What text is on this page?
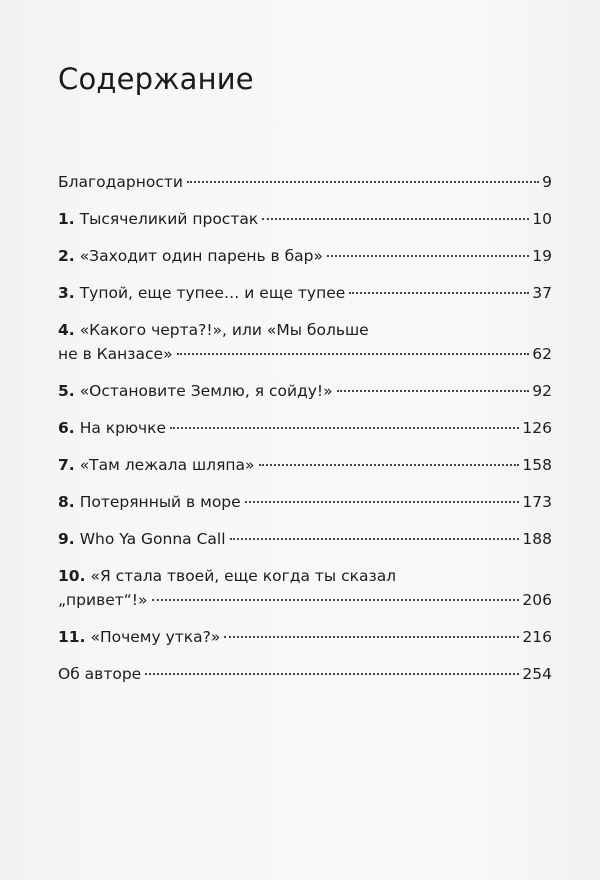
Содержание
Благодарности	9
1. Тысячеликий простак	10
2. «Заходит один парень в бар»	19
3. Тупой, еще тупее… и еще тупее	37
4. «Какого черта?!», или «Мы больше
не в Канзасе»	62
5. «Остановите Землю, я сойду!»	92
6. На крючке	126
7. «Там лежала шляпа»	158
8. Потерянный в море	173
9. Who Ya Gonna Call	188
10. «Я стала твоей, еще когда ты сказал
„привет“!»	206
11. «Почему утка?»	216
Об авторе	254
